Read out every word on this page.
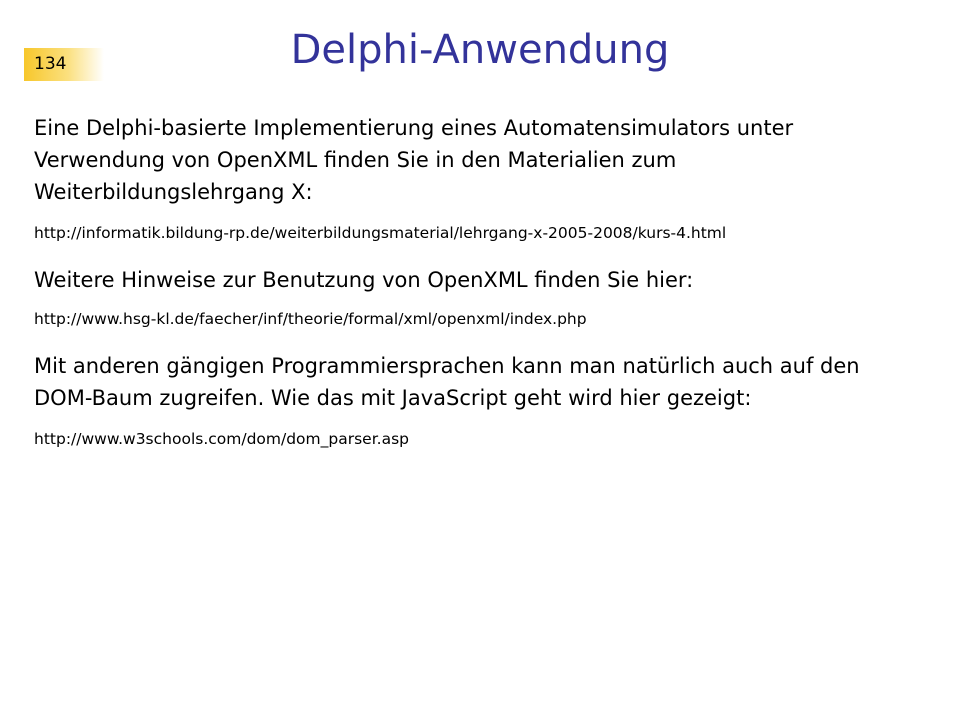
134	Delphi-Anwendung

Eine Delphi-basierte Implementierung eines Automatensimulators unter Verwendung von OpenXML finden Sie in den Materialien zum Weiterbildungslehrgang X:

http://informatik.bildung-rp.de/weiterbildungsmaterial/lehrgang-x-2005-2008/kurs-4.html

Weitere Hinweise zur Benutzung von OpenXML finden Sie hier:

http://www.hsg-kl.de/faecher/inf/theorie/formal/xml/openxml/index.php

Mit anderen gängigen Programmiersprachen kann man natürlich auch auf den DOM-Baum zugreifen. Wie das mit JavaScript geht wird hier gezeigt:

http://www.w3schools.com/dom/dom_parser.asp
